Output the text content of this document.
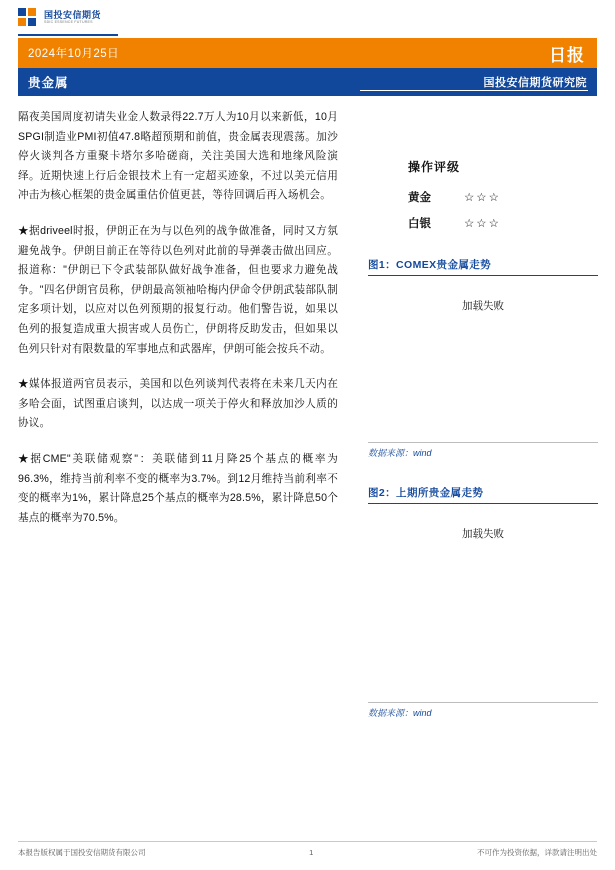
国投安信期货
SDIC ESSENCE FUTURES
2024年10月25日	日报
贵金属	国投安信期货研究院

隔夜美国周度初请失业金人数录得22.7万人为10月以来新低，10月SPGI制造业PMI初值47.8略超预期和前值，贵金属表现震荡。加沙停火谈判各方重聚卡塔尔多哈磋商，关注美国大选和地缘风险演绎。近期快速上行后金银技术上有一定超买迹象，不过以美元信用冲击为核心框架的贵金属重估价值更甚，等待回调后再入场机会。

★据driveel时报，伊朗正在为与以色列的战争做准备，同时又方氛避免战争。伊朗目前正在等待以色列对此前的导弹袭击做出回应。报道称："伊朗已下令武装部队做好战争准备，但也要求力避免战争。"四名伊朗官员称，伊朗最高领袖哈梅内伊命令伊朗武装部队制定多项计划，以应对以色列预期的报复行动。他们警告说，如果以色列的报复造成重大损害或人员伤亡，伊朗将反助发击，但如果以色列只针对有限数量的军事地点和武器库，伊朗可能会按兵不动。

★媒体报道两官员表示，美国和以色列谈判代表将在未来几天内在多哈会面，试图重启谈判，以达成一项关于停火和释放加沙人质的协议。

★据CME"美联储观察"：美联储到11月降25个基点的概率为96.3%，维持当前利率不变的概率为3.7%。到12月维持当前利率不变的概率为1%，累计降息25个基点的概率为28.5%，累计降息50个基点的概率为70.5%。

操作评级
黄金	☆☆☆
白银	☆☆☆
图1：COMEX贵金属走势
加载失败
数据来源：wind
图2：上期所贵金属走势
加载失败
数据来源：wind
本报告版权属于国投安信期货有限公司	1	不可作为投资依据，详款请注明出处
